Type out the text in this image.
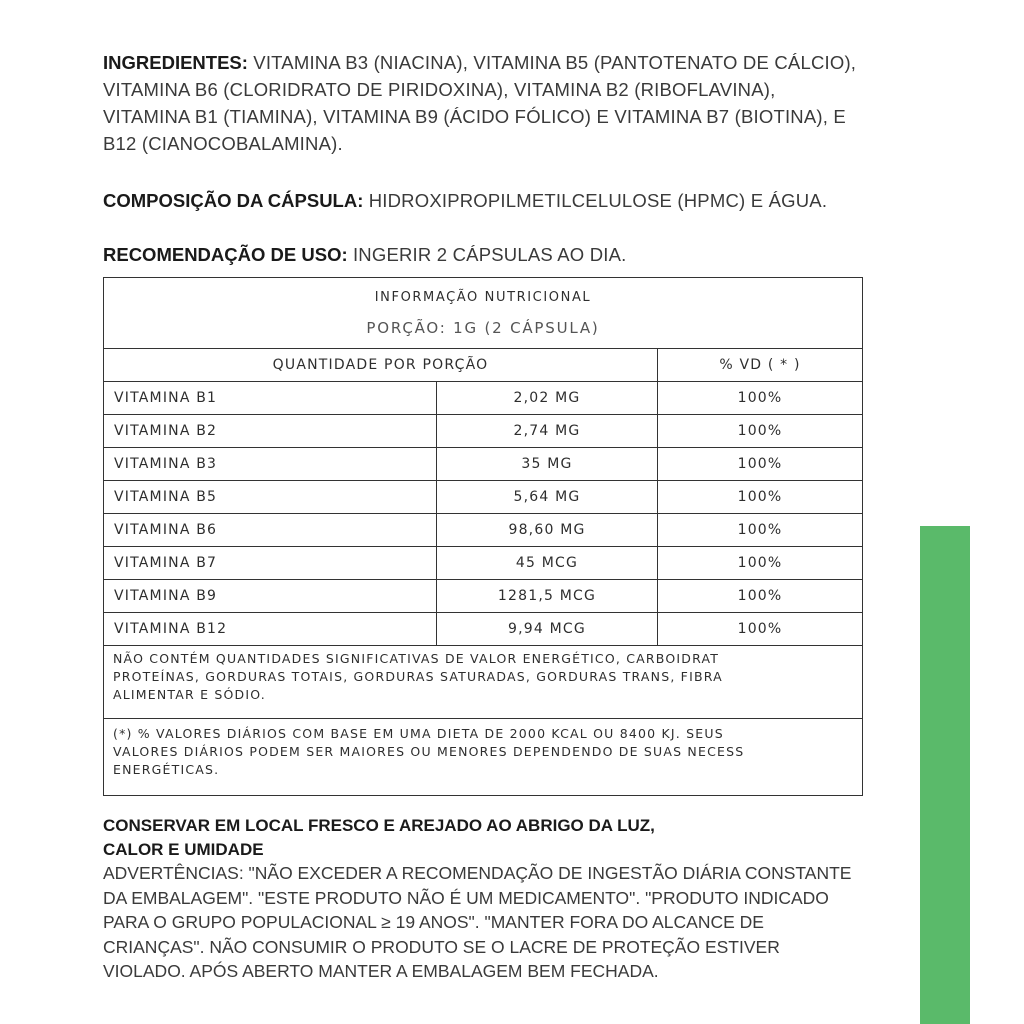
INGREDIENTES: VITAMINA B3 (NIACINA), VITAMINA B5 (PANTOTENATO DE CÁLCIO), VITAMINA B6 (CLORIDRATO DE PIRIDOXINA), VITAMINA B2 (RIBOFLAVINA), VITAMINA B1 (TIAMINA), VITAMINA B9 (ÁCIDO FÓLICO) E VITAMINA B7 (BIOTINA), E B12 (CIANOCOBALAMINA).
COMPOSIÇÃO DA CÁPSULA: HIDROXIPROPILMETILCELULOSE (HPMC) E ÁGUA.
RECOMENDAÇÃO DE USO: INGERIR 2 CÁPSULAS AO DIA.
INFORMAÇÃO NUTRICIONAL
PORÇÃO: 1G (2 CÁPSULA)		

QUANTIDADE POR PORÇÃO		% VD ( * )
VITAMINA B1	2,02 MG	100%
VITAMINA B2	2,74 MG	100%
VITAMINA B3	35 MG	100%
VITAMINA B5	5,64 MG	100%
VITAMINA B6	98,60 MG	100%
VITAMINA B7	45 MCG	100%
VITAMINA B9	1281,5 MCG	100%
VITAMINA B12	9,94 MCG	100%

NÃO CONTÉM QUANTIDADES SIGNIFICATIVAS DE VALOR ENERGÉTICO, CARBOIDRAT
PROTEÍNAS, GORDURAS TOTAIS, GORDURAS SATURADAS, GORDURAS TRANS, FIBRA
ALIMENTAR E SÓDIO.		

(*) % VALORES DIÁRIOS COM BASE EM UMA DIETA DE 2000 KCAL OU 8400 KJ. SEUS
VALORES DIÁRIOS PODEM SER MAIORES OU MENORES DEPENDENDO DE SUAS NECESS
ENERGÉTICAS.		
CONSERVAR EM LOCAL FRESCO E AREJADO AO ABRIGO DA LUZ,
CALOR E UMIDADE
ADVERTÊNCIAS: "NÃO EXCEDER A RECOMENDAÇÃO DE INGESTÃO DIÁRIA CONSTANTE DA EMBALAGEM". "ESTE PRODUTO NÃO É UM MEDICAMENTO". "PRODUTO INDICADO PARA O GRUPO POPULACIONAL ≥ 19 ANOS". "MANTER FORA DO ALCANCE DE CRIANÇAS". NÃO CONSUMIR O PRODUTO SE O LACRE DE PROTEÇÃO ESTIVER VIOLADO. APÓS ABERTO MANTER A EMBALAGEM BEM FECHADA.
